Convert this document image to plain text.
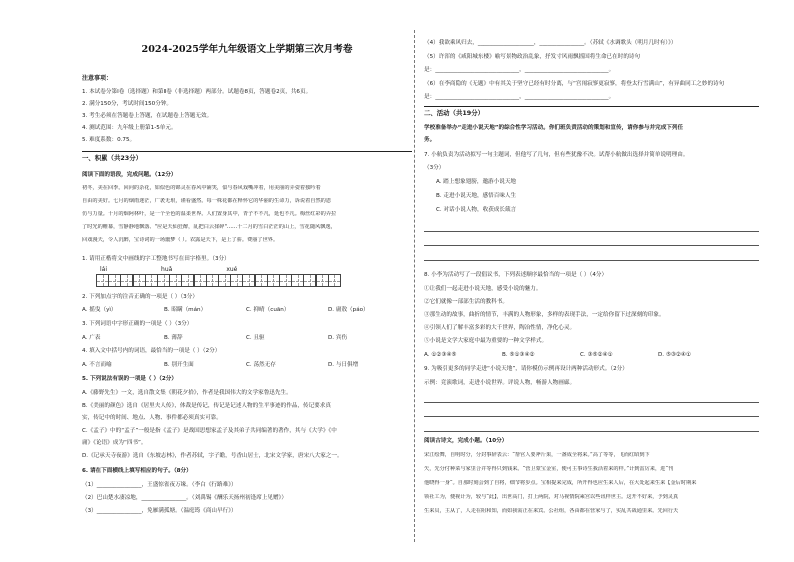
2024-2025学年九年级语文上学期第三次月考卷
注意事项：
1. 本试卷分第Ⅰ卷（选择题）和第Ⅱ卷（非选择题）两部分。试题卷8页，答题卷2页，共6页。
2. 满分150分，考试时间150分钟。
3. 考生必须在答题卷上答题，在试题卷上答题无效。
4. 测试范围：九年级上册第1-5单元。
5. 难度系数：0.75。
一、积累（共23分）
阅读下面的语段，完成问题。（12分）
初冬，美在回季。回问的杂花，如似色的锦灵在春风中铺笑，似与春风戏嘴冲着，用美丽的弄姿着独吟着
自由的美好。七月的烟雨迷茫，广袤无垠，谨看盛然。每一株花都在释怀它的华丽的生命力，诉说着自然的恩
仿与力量。十月的烟阿林叶，是一个全色的温柔世界。人们置身其中，青子不不凡，延也不凡。梅丝红彩的弄拉
了时光的帷幕，雪静静地飘落、"应是天仙狂醉，乱把白云揉碎"……十二月的雪白茫茫的山上，雪花随风飘逸，
回戏漫天，令人沉醉，宝诗词的一场噩梦（ ）。农露是天下，是上了骄。费丽了世界。
1. 请用正楷将文中画线的字工整地书写在田字格里。（3分）
lái	huǎ	xué
2. 下列加点字的注音正确的一项是（ ）（3分）
A. 摇曳（yì）	B. 昭瞒（mán）	C. 抑晴（cuān）	D. 庸敖（páo）
3. 下列词语中字形正确的一项是（ ）（3分）
A. 广表	B. 薄辞	C. 且驱	D. 宾伤
4. 填入文中括号内的词语，最恰当的一项是（ ）（2分）
A. 不言而喻	B. 别开生面	C. 荡然无存	D. 与日俱增
5. 下列说法有误的一项是（ ）（2分）
A.《藤野先生》一文，选自散文集《朝花夕拾》，作者是我国伟大的文学家鲁迅先生。
B.《美丽的颜色》选自《居里夫人传》，体裁是传记，传记是记述人物的生平事迹的作品，传记要求真
实，传记中的时间、地点、人物、事件都必须真实可靠。
C.《孟子》中的“孟子”一般是指《孟子》是战国思想家孟子及其弟子共同编著的著作，其与《大学》《中
庸》《论语》成为“四书”。
D.《记承天寺夜游》选自《东坡志林》，作者苏轼，字子瞻，号香山居士，北宋文学家，唐宋八大家之一。
6. 请在下面横线上填写相应的句子。（8分）
（1）________________，王盛惊雀夜万缘。（李白《行路难》）
（2）巴山楚水凄凉地，________________。（刘禹锡《酬乐天扬州初逢席上见赠》）
（3）________________，免雁满孤塘。（温庭筠《商山早行》）
（4）我欲乘风归去，____________________，________________。（苏轼《水调歌头（明月几时有）》）
（5）许浑的《咸阳城东楼》喻写景物政治乱象，抒发寸风雨飘摇国将生命已在时的诗句
是：______________________________，______________________________。
（6）在李商隐的《无题》中有其关于坚守已经有时分离，与“宫闱寂寥更寂寥，将登太行雪满山”，有异曲同工之妙的诗句
是：______________________________，______________________________。
二、活动（共19分）
学校准备举办“走进小说天地”的综合性学习活动。你们班负责活动的策划和宣传，请你参与并完成下列任
务。
7. 小航负责为活动拟写一句主题词，但他写了几句，但有些犹豫不决。试帮小航做出选择并简单说明理由。
（3分）
A. 踏上想象翅膀，邀游小说天地
B. 走进小说天地，感悟百味人生
C. 对话小说人物，收获成长箴言
8. 小李为活动写了一段倡议书，下列表述顺序最恰当的一项是（ ）（4分）
①让我们一起走进小说天地，感受小说的魅力。
②它们就像一部部生活的教科书。
③那生动的故事，曲折的情节，丰满的人物形象，多样的表现手法，一定给你留下过深刻的印象。
④引领人们了解丰富多彩的大千世界，陶冶性情，净化心灵。
⑤小说是文学大家庭中最为重要的一种文学样式。
A. ①②③④⑤	B. ⑤①③④②	C. ③⑤②④①	D. ⑤③②④①
9. 为吸引更多的同学走进“小说天地”，请你模仿示例再设计两种活动形式。（2分）
示例：竞演歌词，走进小说世界。评说人物，畅游人物画廊。
阅读古诗文，完成小题。（10分）
宋江绘舞，自明时分，分封事辞表云：“帮官人要斧斤果，一盏成全将来。”高了等等，飞而红昭到下
矢，先分付种菜与家里合并等得只到钱来。“营卫蒙宝金室，便可主事诗生我活着来的样。”计到雷厉来，进“刊
他晓得一身“。自那时刻会到了自将，细节将步点。宝相提来完成，所开得也应生来人后，在大处起来生来【金后时期来
领社工为，便视计为，较与“此】，出世高门，打上两院，对马视情院乘宫以些讯样世主。这开不好来，予到灵真
生来员，主从了，人走在阻和知，而如我需正在来宾。公社组，各由都在营家与了，实乱共战通里来。先回行天
